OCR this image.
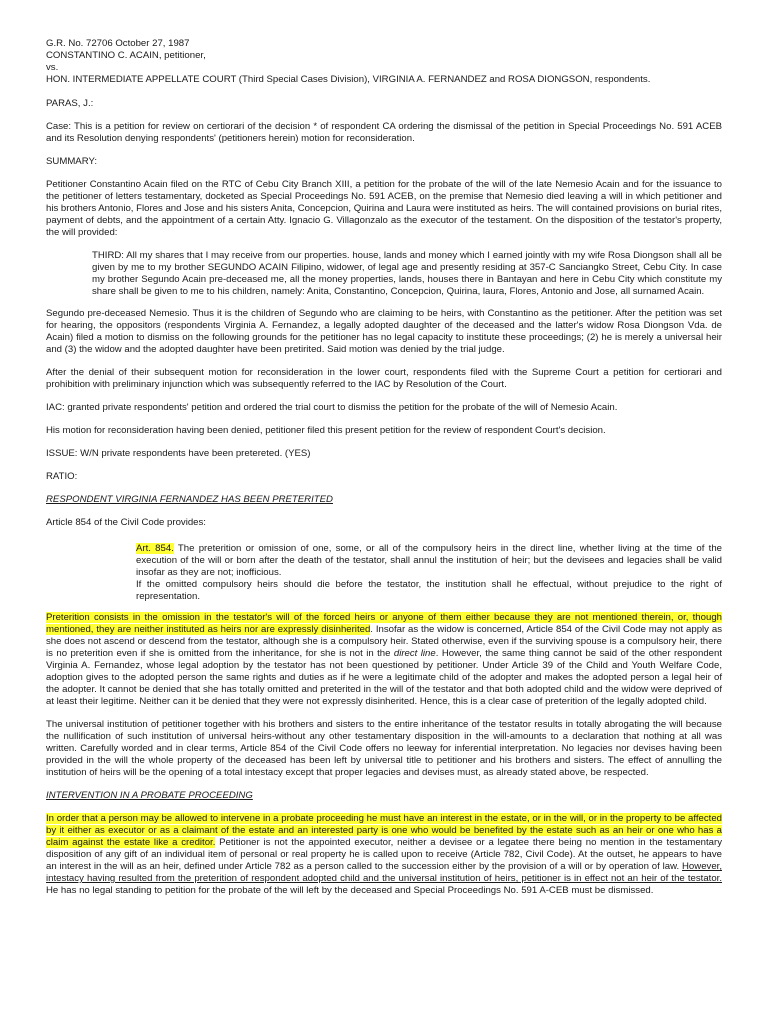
G.R. No. 72706 October 27, 1987

CONSTANTINO C. ACAIN, petitioner,

vs.

HON. INTERMEDIATE APPELLATE COURT (Third Special Cases Division), VIRGINIA A. FERNANDEZ and ROSA DIONGSON, respondents.

PARAS, J.:

Case: This is a petition for review on certiorari of the decision * of respondent CA ordering the dismissal of the petition in Special Proceedings No. 591 ACEB and its Resolution denying respondents' (petitioners herein) motion for reconsideration.

SUMMARY:

Petitioner Constantino Acain filed on the RTC of Cebu City Branch XIII, a petition for the probate of the will of the late Nemesio Acain and for the issuance to the petitioner of letters testamentary, docketed as Special Proceedings No. 591 ACEB, on the premise that Nemesio died leaving a will in which petitioner and his brothers Antonio, Flores and Jose and his sisters Anita, Concepcion, Quirina and Laura were instituted as heirs. The will contained provisions on burial rites, payment of debts, and the appointment of a certain Atty. Ignacio G. Villagonzalo as the executor of the testament. On the disposition of the testator's property, the will provided:

THIRD: All my shares that I may receive from our properties. house, lands and money which I earned jointly with my wife Rosa Diongson shall all be given by me to my brother SEGUNDO ACAIN Filipino, widower, of legal age and presently residing at 357-C Sanciangko Street, Cebu City. In case my brother Segundo Acain pre-deceased me, all the money properties, lands, houses there in Bantayan and here in Cebu City which constitute my share shall be given to me to his children, namely: Anita, Constantino, Concepcion, Quirina, laura, Flores, Antonio and Jose, all surnamed Acain.

Segundo pre-deceased Nemesio. Thus it is the children of Segundo who are claiming to be heirs, with Constantino as the petitioner. After the petition was set for hearing, the oppositors (respondents Virginia A. Fernandez, a legally adopted daughter of the deceased and the latter's widow Rosa Diongson Vda. de Acain) filed a motion to dismiss on the following grounds for the petitioner has no legal capacity to institute these proceedings; (2) he is merely a universal heir and (3) the widow and the adopted daughter have been pretirited. Said motion was denied by the trial judge.

After the denial of their subsequent motion for reconsideration in the lower court, respondents filed with the Supreme Court a petition for certiorari and prohibition with preliminary injunction which was subsequently referred to the IAC by Resolution of the Court.

IAC: granted private respondents' petition and ordered the trial court to dismiss the petition for the probate of the will of Nemesio Acain.

His motion for reconsideration having been denied, petitioner filed this present petition for the review of respondent Court's decision.

ISSUE: W/N private respondents have been pretereted. (YES)

RATIO:

RESPONDENT VIRGINIA FERNANDEZ HAS BEEN PRETERITED

Article 854 of the Civil Code provides:

Art. 854. The preterition or omission of one, some, or all of the compulsory heirs in the direct line, whether living at the time of the execution of the will or born after the death of the testator, shall annul the institution of heir; but the devisees and legacies shall be valid insofar as they are not; inofficious.
If the omitted compulsory heirs should die before the testator, the institution shall he effectual, without prejudice to the right of representation.

Preterition consists in the omission in the testator's will of the forced heirs or anyone of them either because they are not mentioned therein, or, though mentioned, they are neither instituted as heirs nor are expressly disinherited. Insofar as the widow is concerned, Article 854 of the Civil Code may not apply as she does not ascend or descend from the testator, although she is a compulsory heir. Stated otherwise, even if the surviving spouse is a compulsory heir, there is no preterition even if she is omitted from the inheritance, for she is not in the direct line. However, the same thing cannot be said of the other respondent Virginia A. Fernandez, whose legal adoption by the testator has not been questioned by petitioner. Under Article 39 of the Child and Youth Welfare Code, adoption gives to the adopted person the same rights and duties as if he were a legitimate child of the adopter and makes the adopted person a legal heir of the adopter. It cannot be denied that she has totally omitted and preterited in the will of the testator and that both adopted child and the widow were deprived of at least their legitime. Neither can it be denied that they were not expressly disinherited. Hence, this is a clear case of preterition of the legally adopted child.

The universal institution of petitioner together with his brothers and sisters to the entire inheritance of the testator results in totally abrogating the will because the nullification of such institution of universal heirs-without any other testamentary disposition in the will-amounts to a declaration that nothing at all was written. Carefully worded and in clear terms, Article 854 of the Civil Code offers no leeway for inferential interpretation. No legacies nor devises having been provided in the will the whole property of the deceased has been left by universal title to petitioner and his brothers and sisters. The effect of annulling the institution of heirs will be the opening of a total intestacy except that proper legacies and devises must, as already stated above, be respected.

INTERVENTION IN A PROBATE PROCEEDING

In order that a person may be allowed to intervene in a probate proceeding he must have an interest in the estate, or in the will, or in the property to be affected by it either as executor or as a claimant of the estate and an interested party is one who would be benefited by the estate such as an heir or one who has a claim against the estate like a creditor. Petitioner is not the appointed executor, neither a devisee or a legatee there being no mention in the testamentary disposition of any gift of an individual item of personal or real property he is called upon to receive (Article 782, Civil Code). At the outset, he appears to have an interest in the will as an heir, defined under Article 782 as a person called to the succession either by the provision of a will or by operation of law. However, intestacy having resulted from the preterition of respondent adopted child and the universal institution of heirs, petitioner is in effect not an heir of the testator. He has no legal standing to petition for the probate of the will left by the deceased and Special Proceedings No. 591 A-CEB must be dismissed.
